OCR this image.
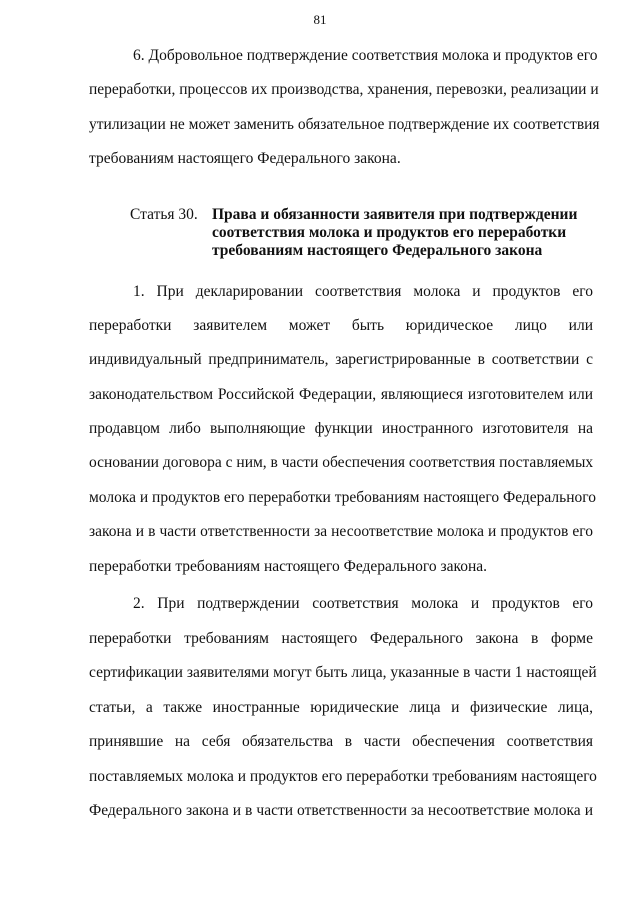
81
6. Добровольное подтверждение соответствия молока и продуктов его
переработки, процессов их производства, хранения, перевозки, реализации и
утилизации не может заменить обязательное подтверждение их соответствия
требованиям настоящего Федерального закона.
Статья 30. Права и обязанности заявителя при подтверждении
соответствия молока и продуктов его переработки
требованиям настоящего Федерального закона
1. При декларировании соответствия молока и продуктов его
переработки заявителем может быть юридическое лицо или
индивидуальный предприниматель, зарегистрированные в соответствии с
законодательством Российской Федерации, являющиеся изготовителем или
продавцом либо выполняющие функции иностранного изготовителя на
основании договора с ним, в части обеспечения соответствия поставляемых
молока и продуктов его переработки требованиям настоящего Федерального
закона и в части ответственности за несоответствие молока и продуктов его
переработки требованиям настоящего Федерального закона.
2. При подтверждении соответствия молока и продуктов его
переработки требованиям настоящего Федерального закона в форме
сертификации заявителями могут быть лица, указанные в части 1 настоящей
статьи, а также иностранные юридические лица и физические лица,
принявшие на себя обязательства в части обеспечения соответствия
поставляемых молока и продуктов его переработки требованиям настоящего
Федерального закона и в части ответственности за несоответствие молока и
